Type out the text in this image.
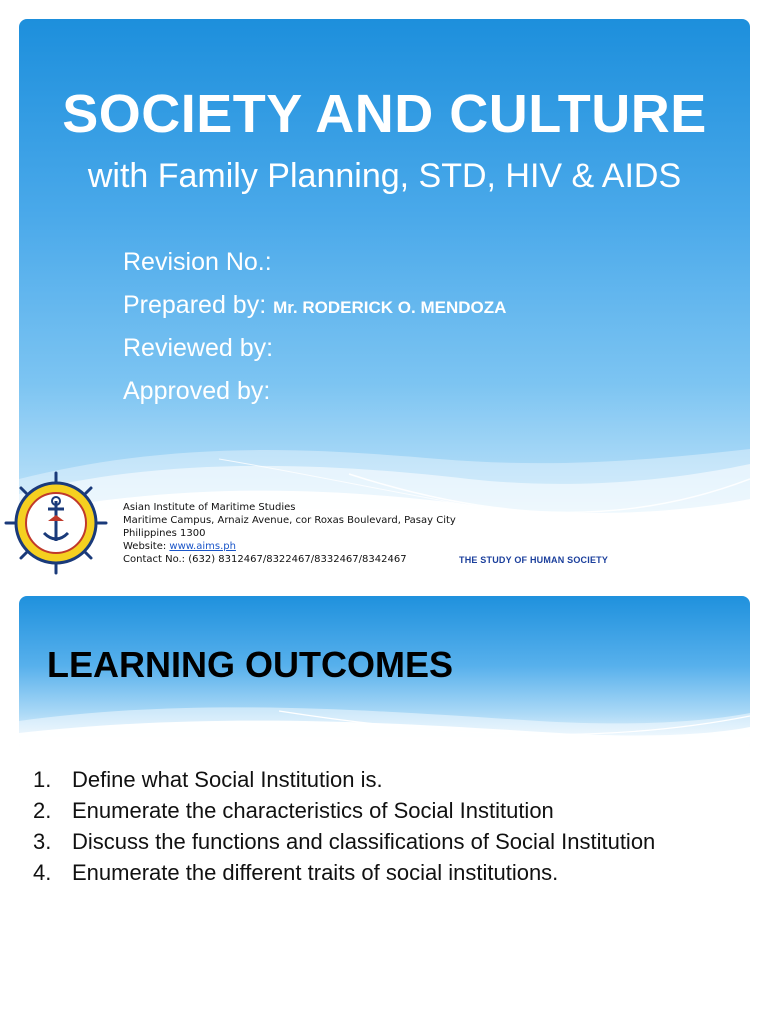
SOCIETY AND CULTURE
with Family Planning, STD, HIV & AIDS
Revision No.:
Prepared by: Mr. RODERICK O. MENDOZA
Reviewed by:
Approved by:
Asian Institute of Maritime Studies
Maritime Campus, Arnaiz Avenue, cor Roxas Boulevard, Pasay City
Philippines 1300
Website: www.aims.ph
Contact No.: (632) 8312467/8322467/8332467/8342467	THE STUDY OF HUMAN SOCIETY
LEARNING OUTCOMES
1. Define what Social Institution is.
2. Enumerate the characteristics of Social Institution
3. Discuss the functions and classifications of Social Institution
4. Enumerate the different traits of social institutions.
